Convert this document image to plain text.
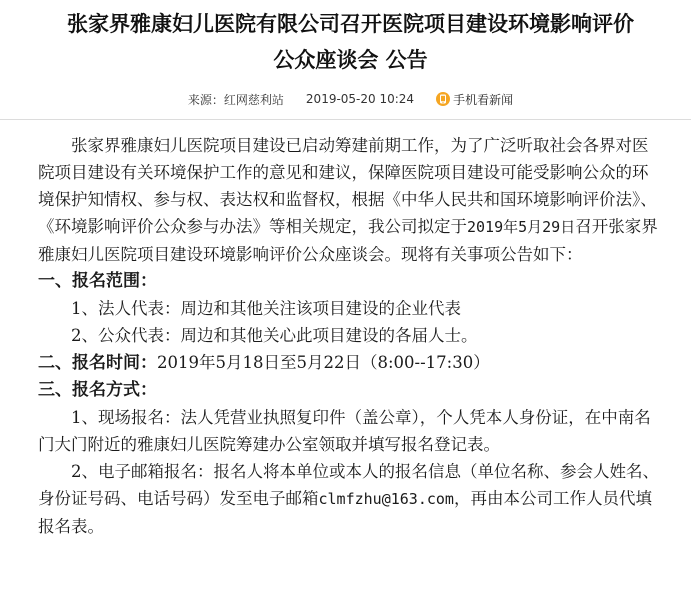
张家界雅康妇儿医院有限公司召开医院项目建设环境影响评价
公众座谈会 公告
来源：红网慈利站 2019-05-20 10:24	手机看新闻

张家界雅康妇儿医院项目建设已启动筹建前期工作，为了广泛听取社会各界对医院项目建设有关环境保护工作的意见和建议，保障医院项目建设可能受影响公众的环境保护知情权、参与权、表达权和监督权，根据《中华人民共和国环境影响评价法》、《环境影响评价公众参与办法》等相关规定，我公司拟定于2019年5月29日召开张家界雅康妇儿医院项目建设环境影响评价公众座谈会。现将有关事项公告如下：

一、报名范围：

1、法人代表：周边和其他关注该项目建设的企业代表

2、公众代表：周边和其他关心此项目建设的各届人士。

二、报名时间：2019年5月18日至5月22日（8:00--17:30）

三、报名方式：

1、现场报名：法人凭营业执照复印件（盖公章），个人凭本人身份证，在中南名门大门附近的雅康妇儿医院筹建办公室领取并填写报名登记表。

2、电子邮箱报名：报名人将本单位或本人的报名信息（单位名称、参会人姓名、身份证号码、电话号码）发至电子邮箱clmfzhu@163.com，再由本公司工作人员代填报名表。
